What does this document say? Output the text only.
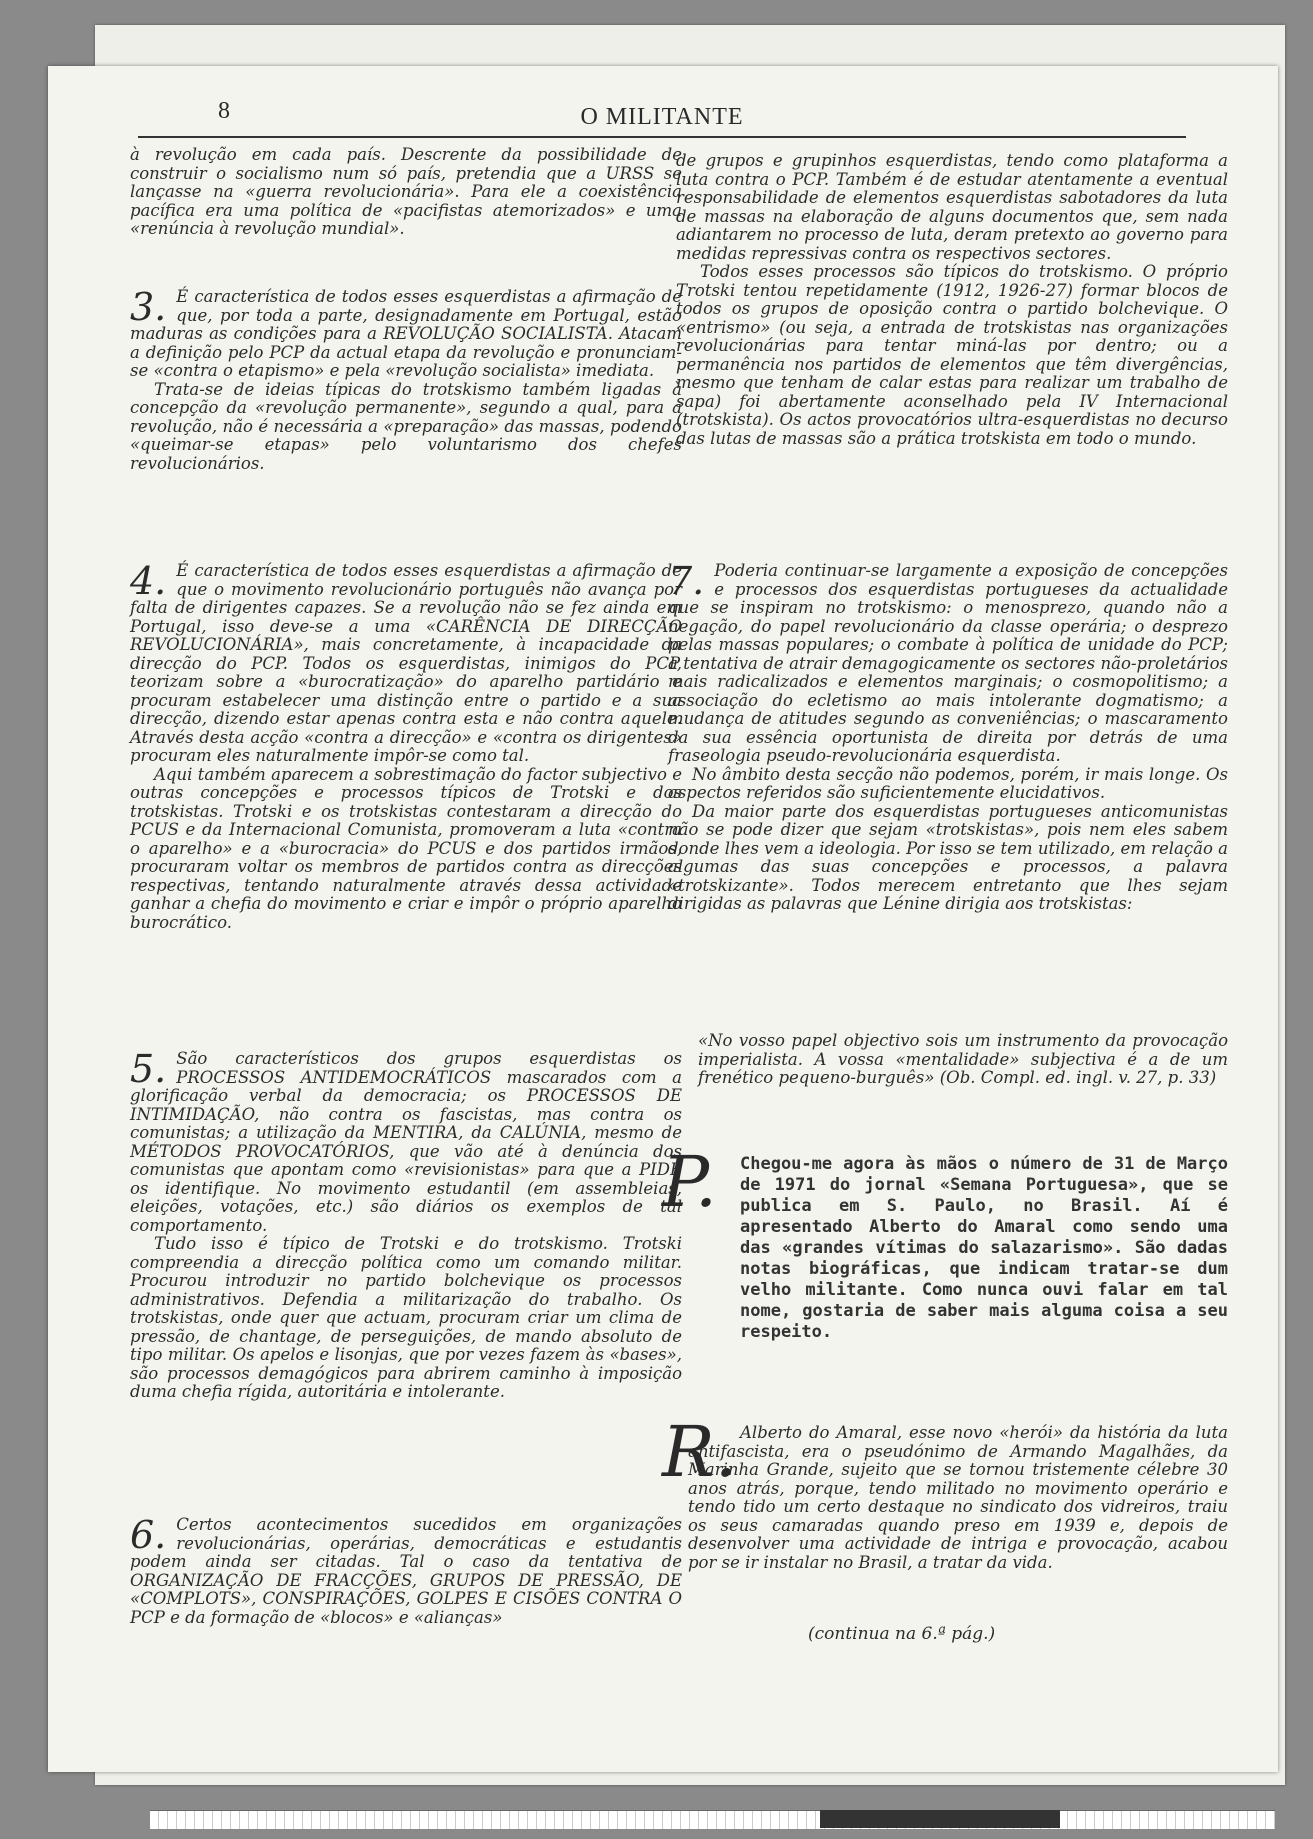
8	O MILITANTE

à revolução em cada país. Descrente da possibilidade de construir o socialismo num só país, pretendia que a URSS se lançasse na «guerra revolucionária». Para ele a coexistência pacífica era uma política de «pacifistas atemorizados» e uma «renúncia à revolução mundial».

3. É característica de todos esses esquerdistas a afirmação de que, por toda a parte, designadamente em Portugal, estão maduras as condições para a REVOLUÇÃO SOCIALISTA. Atacam a definição pelo PCP da actual etapa da revolução e pronunciam-se «contra o etapismo» e pela «revolução socialista» imediata.

Trata-se de ideias típicas do trotskismo também ligadas à concepção da «revolução permanente», segundo a qual, para a revolução, não é necessária a «preparação» das massas, podendo «queimar-se etapas» pelo voluntarismo dos chefes revolucionários.

4. É característica de todos esses esquerdistas a afirmação de que o movimento revolucionário português não avança por falta de dirigentes capazes. Se a revolução não se fez ainda em Portugal, isso deve-se a uma «CARÊNCIA DE DIRECÇÃO REVOLUCIONÁRIA», mais concretamente, à incapacidade da direcção do PCP. Todos os esquerdistas, inimigos do PCP, teorizam sobre a «burocratização» do aparelho partidário e procuram estabelecer uma distinção entre o partido e a sua direcção, dizendo estar apenas contra esta e não contra aquele. Através desta acção «contra a direcção» e «contra os dirigentes» procuram eles naturalmente impôr-se como tal.

Aqui também aparecem a sobrestimação do factor subjectivo e outras concepções e processos típicos de Trotski e dos trotskistas. Trotski e os trotskistas contestaram a direcção do PCUS e da Internacional Comunista, promoveram a luta «contra o aparelho» e a «burocracia» do PCUS e dos partidos irmãos, procuraram voltar os membros de partidos contra as direcções respectivas, tentando naturalmente através dessa actividade ganhar a chefia do movimento e criar e impôr o próprio aparelho burocrático.

5. São característicos dos grupos esquerdistas os PROCESSOS ANTIDEMOCRÁTICOS mascarados com a glorificação verbal da democracia; os PROCESSOS DE INTIMIDAÇÃO, não contra os fascistas, mas contra os comunistas; a utilização da MENTIRA, da CALÚNIA, mesmo de MÉTODOS PROVOCATÓRIOS, que vão até à denúncia dos comunistas que apontam como «revisionistas» para que a PIDE os identifique. No movimento estudantil (em assembleias, eleições, votações, etc.) são diários os exemplos de tal comportamento.

Tudo isso é típico de Trotski e do trotskismo. Trotski compreendia a direcção política como um comando militar. Procurou introduzir no partido bolchevique os processos administrativos. Defendia a militarização do trabalho. Os trotskistas, onde quer que actuam, procuram criar um clima de pressão, de chantage, de perseguições, de mando absoluto de tipo militar. Os apelos e lisonjas, que por vezes fazem às «bases», são processos demagógicos para abrirem caminho à imposição duma chefia rígida, autoritária e intolerante.

6. Certos acontecimentos sucedidos em organizações revolucionárias, operárias, democráticas e estudantis podem ainda ser citadas. Tal o caso da tentativa de ORGANIZAÇÃO DE FRACÇÕES, GRUPOS DE PRESSÃO, DE «COMPLOTS», CONSPIRAÇÕES, GOLPES E CISÕES CONTRA O PCP e da formação de «blocos» e «alianças»

de grupos e grupinhos esquerdistas, tendo como plataforma a luta contra o PCP. Também é de estudar atentamente a eventual responsabilidade de elementos esquerdistas sabotadores da luta de massas na elaboração de alguns documentos que, sem nada adiantarem no processo de luta, deram pretexto ao governo para medidas repressivas contra os respectivos sectores.

Todos esses processos são típicos do trotskismo. O próprio Trotski tentou repetidamente (1912, 1926-27) formar blocos de todos os grupos de oposição contra o partido bolchevique. O «entrismo» (ou seja, a entrada de trotskistas nas organizações revolucionárias para tentar miná-las por dentro; ou a permanência nos partidos de elementos que têm divergências, mesmo que tenham de calar estas para realizar um trabalho de sapa) foi abertamente aconselhado pela IV Internacional (trotskista). Os actos provocatórios ultra-esquerdistas no decurso das lutas de massas são a prática trotskista em todo o mundo.

7. Poderia continuar-se largamente a exposição de concepções e processos dos esquerdistas portugueses da actualidade que se inspiram no trotskismo: o menosprezo, quando não a negação, do papel revolucionário da classe operária; o desprezo pelas massas populares; o combate à política de unidade do PCP; a tentativa de atrair demagogicamente os sectores não-proletários mais radicalizados e elementos marginais; o cosmopolitismo; a associação do ecletismo ao mais intolerante dogmatismo; a mudança de atitudes segundo as conveniências; o mascaramento da sua essência oportunista de direita por detrás de uma fraseologia pseudo-revolucionária esquerdista.

No âmbito desta secção não podemos, porém, ir mais longe. Os aspectos referidos são suficientemente elucidativos.

Da maior parte dos esquerdistas portugueses anticomunistas não se pode dizer que sejam «trotskistas», pois nem eles sabem donde lhes vem a ideologia. Por isso se tem utilizado, em relação a algumas das suas concepções e processos, a palavra «trotskizante». Todos merecem entretanto que lhes sejam dirigidas as palavras que Lénine dirigia aos trotskistas:

«No vosso papel objectivo sois um instrumento da provocação imperialista. A vossa «mentalidade» subjectiva é a de um frenético pequeno-burguês» (Ob. Compl. ed. ingl. v. 27, p. 33)
P. Chegou-me agora às mãos o número de 31 de Março de 1971 do jornal «Semana Portuguesa», que se publica em S. Paulo, no Brasil. Aí é apresentado Alberto do Amaral como sendo uma das «grandes vítimas do salazarismo». São dadas notas biográficas, que indicam tratar-se dum velho militante. Como nunca ouvi falar em tal nome, gostaria de saber mais alguma coisa a seu respeito.
R. Alberto do Amaral, esse novo «herói» da história da luta antifascista, era o pseudónimo de Armando Magalhães, da Marinha Grande, sujeito que se tornou tristemente célebre 30 anos atrás, porque, tendo militado no movimento operário e tendo tido um certo destaque no sindicato dos vidreiros, traiu os seus camaradas quando preso em 1939 e, depois de desenvolver uma actividade de intriga e provocação, acabou por se ir instalar no Brasil, a tratar da vida.
(continua na 6.ª pág.)
